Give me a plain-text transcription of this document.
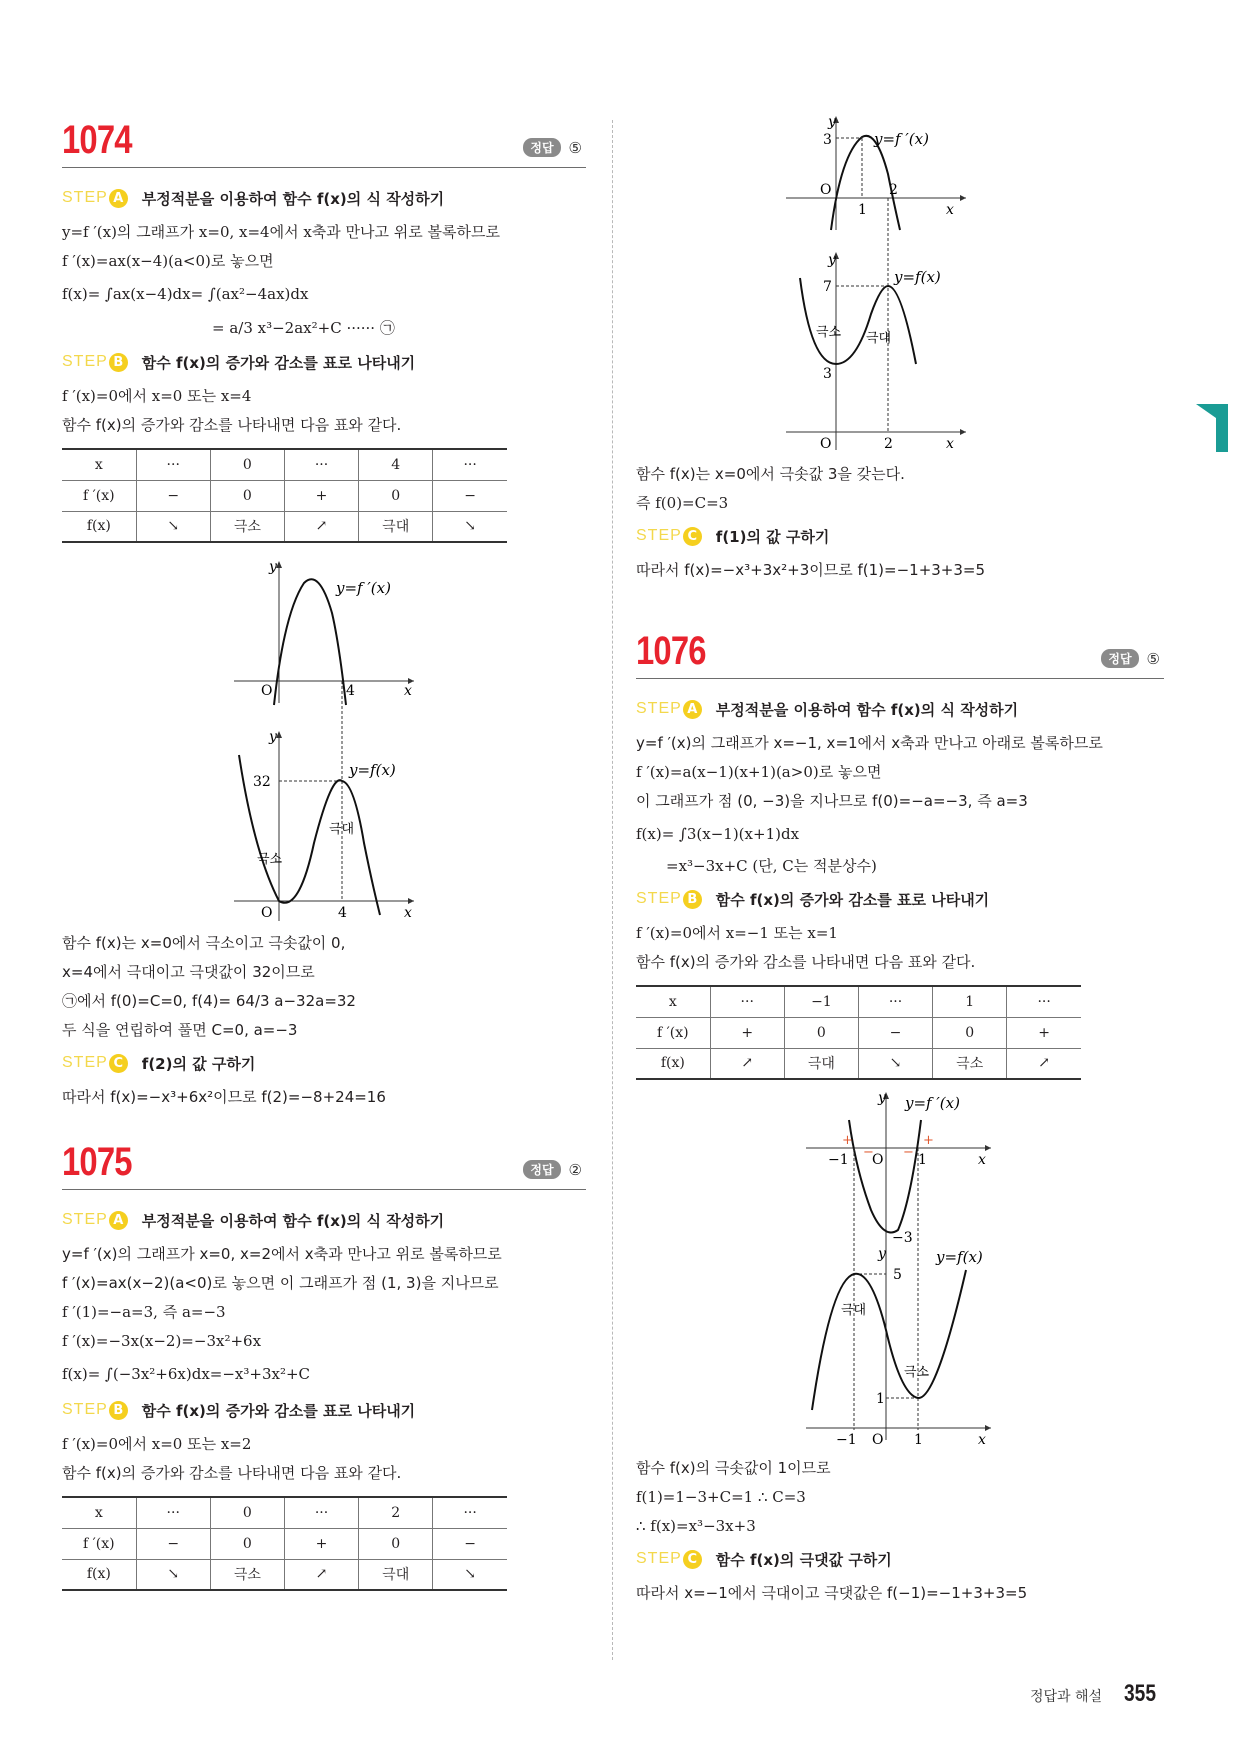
1074	정답	⑤
STEP A 부정적분을 이용하여 함수 f(x)의 식 작성하기
y=f ′(x)의 그래프가 x=0, x=4에서 x축과 만나고 위로 볼록하므로
f ′(x)=ax(x−4)(a<0)로 놓으면
f(x)= ∫ax(x−4)dx= ∫(ax²−4ax)dx
= a/3 x³−2ax²+C ······ ㉠
STEP B	함수 f(x)의 증가와 감소를 표로 나타내기
f ′(x)=0에서 x=0 또는 x=4
함수 f(x)의 증가와 감소를 나타내면 다음 표와 같다.
x	···	0	···	4	···
f ′(x)	−	0	+	0	−
f(x)	↘	극소	↗	극대	↘
y
y=f ′(x)
O	4	x
y
y=f(x)
32
극대
극소
O	4	x
함수 f(x)는 x=0에서 극소이고 극솟값이 0,
x=4에서 극대이고 극댓값이 32이므로
㉠에서 f(0)=C=0, f(4)= 64/3 a−32a=32
두 식을 연립하여 풀면 C=0, a=−3
STEP C	f(2)의 값 구하기
따라서 f(x)=−x³+6x²이므로 f(2)=−8+24=16
1075	정답	②
STEP A 부정적분을 이용하여 함수 f(x)의 식 작성하기
y=f ′(x)의 그래프가 x=0, x=2에서 x축과 만나고 위로 볼록하므로
f ′(x)=ax(x−2)(a<0)로 놓으면 이 그래프가 점 (1, 3)을 지나므로
f ′(1)=−a=3, 즉 a=−3
f ′(x)=−3x(x−2)=−3x²+6x
f(x)= ∫(−3x²+6x)dx=−x³+3x²+C
STEP B	함수 f(x)의 증가와 감소를 표로 나타내기
f ′(x)=0에서 x=0 또는 x=2
함수 f(x)의 증가와 감소를 나타내면 다음 표와 같다.
x	···	0	···	2	···
f ′(x)	−	0	+	0	−
f(x)	↘	극소	↗	극대	↘
y
3	y=f ′(x)
O	2
1	x
y
y=f(x)
7
3
극소 극대
O	2	x
함수 f(x)는 x=0에서 극솟값 3을 갖는다.
즉 f(0)=C=3
STEP C	f(1)의 값 구하기
따라서 f(x)=−x³+3x²+3이므로 f(1)=−1+3+3=5
1076	정답	⑤
STEP A 부정적분을 이용하여 함수 f(x)의 식 작성하기
y=f ′(x)의 그래프가 x=−1, x=1에서 x축과 만나고 아래로 볼록하므로
f ′(x)=a(x−1)(x+1)(a>0)로 놓으면
이 그래프가 점 (0, −3)을 지나므로 f(0)=−a=−3, 즉 a=3
f(x)= ∫3(x−1)(x+1)dx
=x³−3x+C (단, C는 적분상수)
STEP B	함수 f(x)의 증가와 감소를 표로 나타내기
f ′(x)=0에서 x=−1 또는 x=1
함수 f(x)의 증가와 감소를 나타내면 다음 표와 같다.
x	···	−1	···	1	···
f ′(x)	+	0	−	0	+
f(x)	↗	극대	↘	극소	↗
y y=f ′(x)
+	+
− −
−1 O 1	x
−3
y	y=f(x)
5
1
극대
극소
−1 O 1	x
함수 f(x)의 극솟값이 1이므로
f(1)=1−3+C=1 ∴ C=3
∴ f(x)=x³−3x+3
STEP C	함수 f(x)의 극댓값 구하기
따라서 x=−1에서 극대이고 극댓값은 f(−1)=−1+3+3=5
정답과 해설 355
